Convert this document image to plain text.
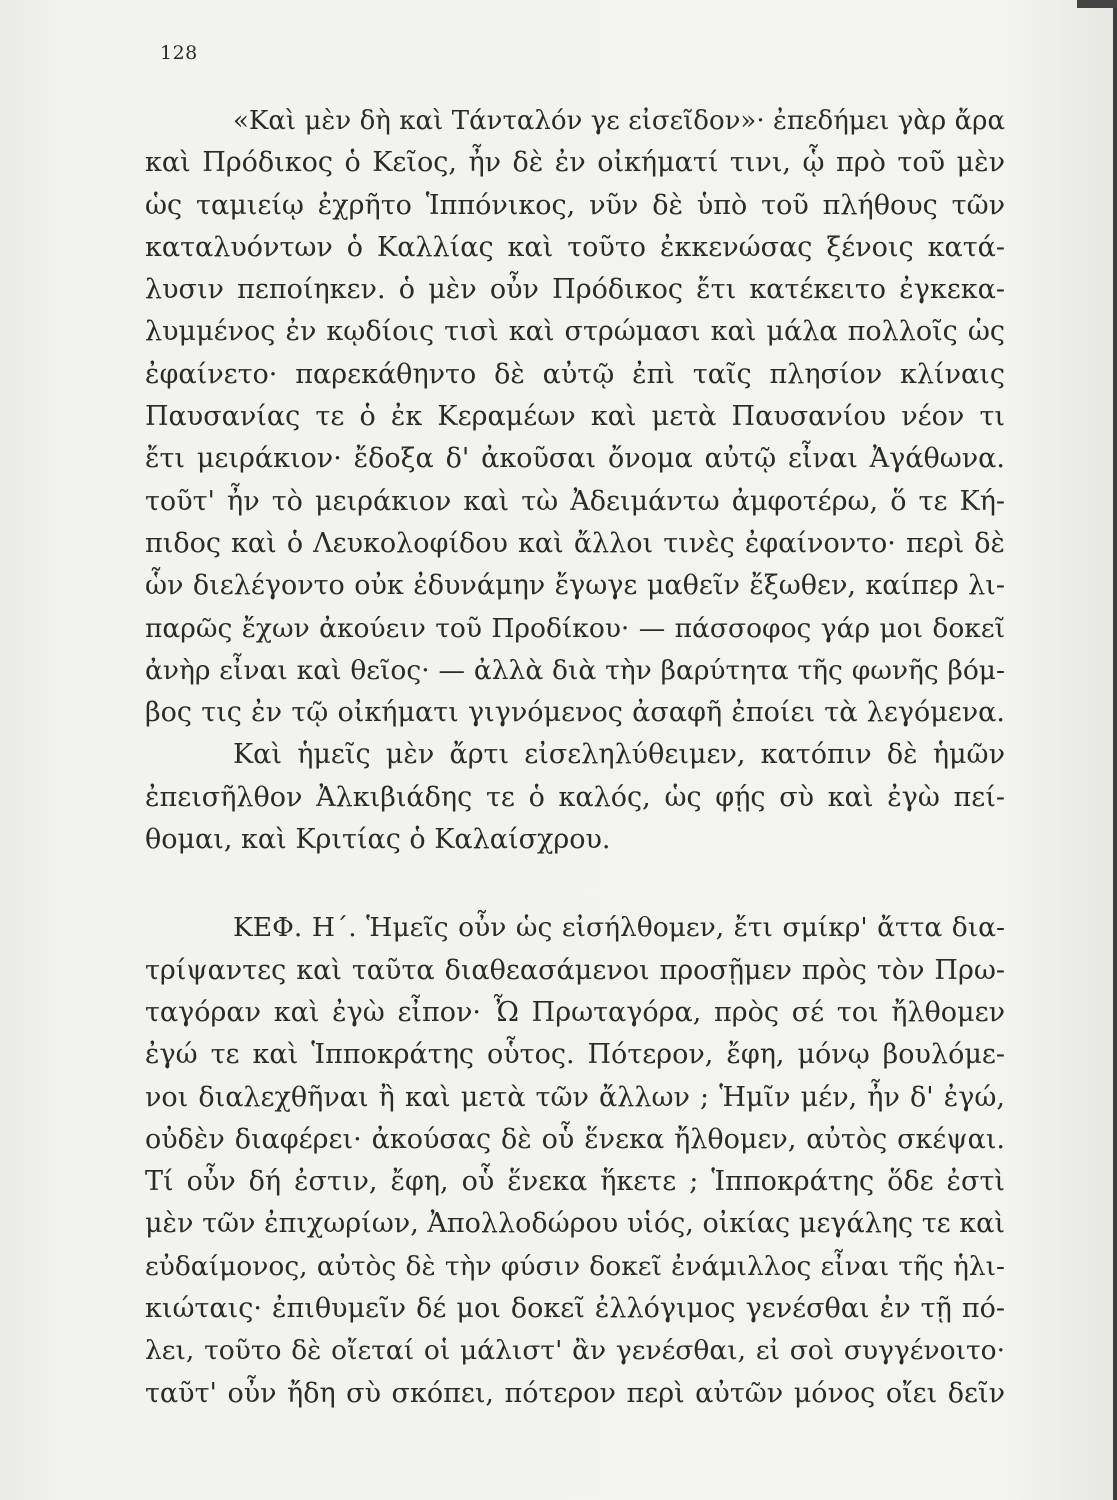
128
«Καὶ μὲν δὴ καὶ Τάνταλόν γε εἰσεῖδον»· ἐπεδήμει γὰρ ἄρα
καὶ Πρόδικος ὁ Κεῖος, ἦν δὲ ἐν οἰκήματί τινι, ᾧ πρὸ τοῦ μὲν
ὡς ταμιείῳ ἐχρῆτο Ἱππόνικος, νῦν δὲ ὑπὸ τοῦ πλήθους τῶν
καταλυόντων ὁ Καλλίας καὶ τοῦτο ἐκκενώσας ξένοις κατά-
λυσιν πεποίηκεν. ὁ μὲν οὖν Πρόδικος ἔτι κατέκειτο ἐγκεκα-
λυμμένος ἐν κῳδίοις τισὶ καὶ στρώμασι καὶ μάλα πολλοῖς ὡς
ἐφαίνετο· παρεκάθηντο δὲ αὐτῷ ἐπὶ ταῖς πλησίον κλίναις
Παυσανίας τε ὁ ἐκ Κεραμέων καὶ μετὰ Παυσανίου νέον τι
ἔτι μειράκιον· ἔδοξα δ' ἀκοῦσαι ὄνομα αὐτῷ εἶναι Ἀγάθωνα.
τοῦτ' ἦν τὸ μειράκιον καὶ τὼ Ἀδειμάντω ἀμφοτέρω, ὅ τε Κή-
πιδος καὶ ὁ Λευκολοφίδου καὶ ἄλλοι τινὲς ἐφαίνοντο· περὶ δὲ
ὧν διελέγοντο οὐκ ἐδυνάμην ἔγωγε μαθεῖν ἔξωθεν, καίπερ λι-
παρῶς ἔχων ἀκούειν τοῦ Προδίκου· — πάσσοφος γάρ μοι δοκεῖ
ἀνὴρ εἶναι καὶ θεῖος· — ἀλλὰ διὰ τὴν βαρύτητα τῆς φωνῆς βόμ-
βος τις ἐν τῷ οἰκήματι γιγνόμενος ἀσαφῆ ἐποίει τὰ λεγόμενα.
Καὶ ἡμεῖς μὲν ἄρτι εἰσεληλύθειμεν, κατόπιν δὲ ἡμῶν
ἐπεισῆλθον Ἀλκιβιάδης τε ὁ καλός, ὡς φῄς σὺ καὶ ἐγὼ πεί-
θομαι, καὶ Κριτίας ὁ Καλαίσχρου.
ΚΕΦ. Η΄. Ἡμεῖς οὖν ὡς εἰσήλθομεν, ἔτι σμίκρ' ἄττα δια-
τρίψαντες καὶ ταῦτα διαθεασάμενοι προσῇμεν πρὸς τὸν Πρω-
ταγόραν καὶ ἐγὼ εἶπον· Ὦ Πρωταγόρα, πρὸς σέ τοι ἤλθομεν
ἐγώ τε καὶ Ἱπποκράτης οὗτος. Πότερον, ἔφη, μόνῳ βουλόμε-
νοι διαλεχθῆναι ἢ καὶ μετὰ τῶν ἄλλων ; Ἡμῖν μέν, ἦν δ' ἐγώ,
οὐδὲν διαφέρει· ἀκούσας δὲ οὗ ἕνεκα ἤλθομεν, αὐτὸς σκέψαι.
Τί οὖν δή ἐστιν, ἔφη, οὗ ἕνεκα ἥκετε ; Ἱπποκράτης ὅδε ἐστὶ
μὲν τῶν ἐπιχωρίων, Ἀπολλοδώρου υἱός, οἰκίας μεγάλης τε καὶ
εὐδαίμονος, αὐτὸς δὲ τὴν φύσιν δοκεῖ ἐνάμιλλος εἶναι τῆς ἡλι-
κιώταις· ἐπιθυμεῖν δέ μοι δοκεῖ ἐλλόγιμος γενέσθαι ἐν τῇ πό-
λει, τοῦτο δὲ οἴεταί οἱ μάλιστ' ἂν γενέσθαι, εἰ σοὶ συγγένοιτο·
ταῦτ' οὖν ἤδη σὺ σκόπει, πότερον περὶ αὐτῶν μόνος οἴει δεῖν
